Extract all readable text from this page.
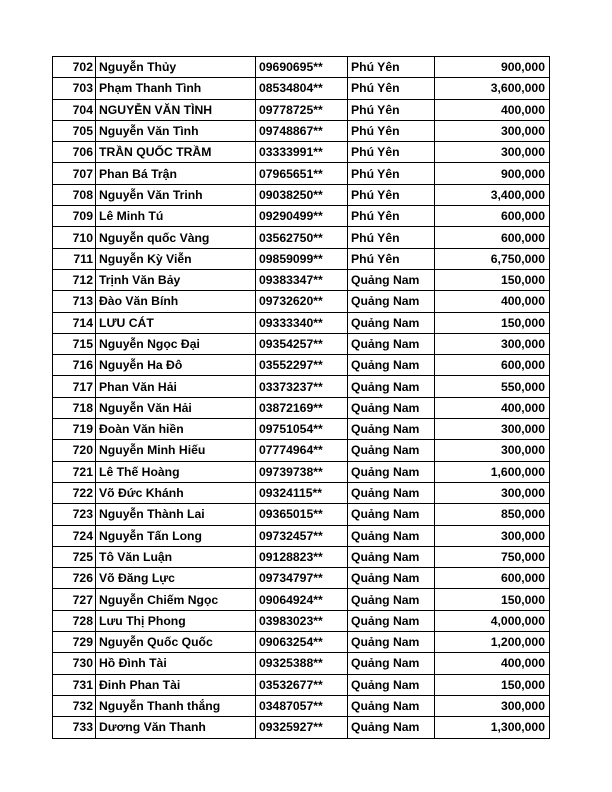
702	Nguyễn Thủy	09690695**	Phú Yên	900,000
703	Phạm Thanh Tình	08534804**	Phú Yên	3,600,000
704	NGUYỄN VĂN TÌNH	09778725**	Phú Yên	400,000
705	Nguyễn Văn Tình	09748867**	Phú Yên	300,000
706	TRẦN QUỐC TRẦM	03333991**	Phú Yên	300,000
707	Phan Bá Trận	07965651**	Phú Yên	900,000
708	Nguyễn Văn Trinh	09038250**	Phú Yên	3,400,000
709	Lê Minh Tú	09290499**	Phú Yên	600,000
710	Nguyễn quốc Vàng	03562750**	Phú Yên	600,000
711	Nguyễn Kỳ Viễn	09859099**	Phú Yên	6,750,000
712	Trịnh Văn Bảy	09383347**	Quảng Nam	150,000
713	Đào Văn Bính	09732620**	Quảng Nam	400,000
714	LƯU CÁT	09333340**	Quảng Nam	150,000
715	Nguyễn Ngọc Đại	09354257**	Quảng Nam	300,000
716	Nguyễn Ha Đô	03552297**	Quảng Nam	600,000
717	Phan Văn Hải	03373237**	Quảng Nam	550,000
718	Nguyễn Văn Hải	03872169**	Quảng Nam	400,000
719	Đoàn Văn hiền	09751054**	Quảng Nam	300,000
720	Nguyễn Minh Hiếu	07774964**	Quảng Nam	300,000
721	Lê Thế Hoàng	09739738**	Quảng Nam	1,600,000
722	Võ Đức Khánh	09324115**	Quảng Nam	300,000
723	Nguyễn Thành Lai	09365015**	Quảng Nam	850,000
724	Nguyễn Tấn Long	09732457**	Quảng Nam	300,000
725	Tô Văn Luận	09128823**	Quảng Nam	750,000
726	Võ Đăng Lực	09734797**	Quảng Nam	600,000
727	Nguyễn Chiếm Ngọc	09064924**	Quảng Nam	150,000
728	Lưu Thị Phong	03983023**	Quảng Nam	4,000,000
729	Nguyễn Quốc Quốc	09063254**	Quảng Nam	1,200,000
730	Hồ Đình Tài	09325388**	Quảng Nam	400,000
731	Đinh Phan Tài	03532677**	Quảng Nam	150,000
732	Nguyễn Thanh thắng	03487057**	Quảng Nam	300,000
733	Dương Văn Thanh	09325927**	Quảng Nam	1,300,000
